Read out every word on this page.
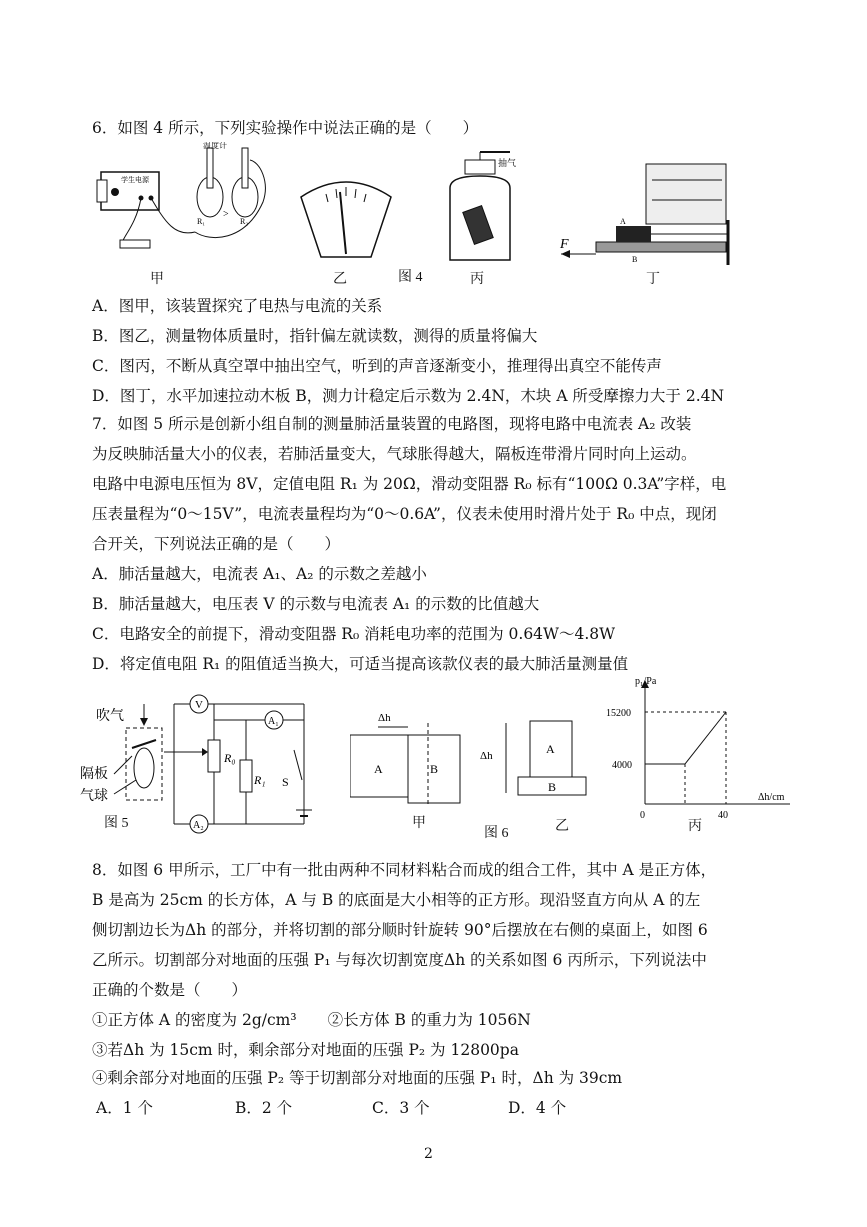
6．如图 4 所示，下列实验操作中说法正确的是（　　）
学生电源
温度计
R₁
>
R₂
甲	乙	图 4
抽气
丙
F
B
A
丁
A．图甲，该装置探究了电热与电流的关系
B．图乙，测量物体质量时，指针偏左就读数，测得的质量将偏大
C．图丙，不断从真空罩中抽出空气，听到的声音逐渐变小，推理得出真空不能传声
D．图丁，水平加速拉动木板 B，测力计稳定后示数为 2.4N，木块 A 所受摩擦力大于 2.4N
7．如图 5 所示是创新小组自制的测量肺活量装置的电路图，现将电路中电流表 A₂ 改装
为反映肺活量大小的仪表，若肺活量变大，气球胀得越大，隔板连带滑片同时向上运动。
电路中电源电压恒为 8V，定值电阻 R₁ 为 20Ω，滑动变阻器 R₀ 标有“100Ω 0.3A”字样，电
压表量程为“0～15V”，电流表量程均为“0～0.6A”，仪表未使用时滑片处于 R₀ 中点，现闭
合开关，下列说法正确的是（　　）
A．肺活量越大，电流表 A₁、A₂ 的示数之差越小
B．肺活量越大，电压表 V 的示数与电流表 A₁ 的示数的比值越大
C．电路安全的前提下，滑动变阻器 R₀ 消耗电功率的范围为 0.64W～4.8W
D．将定值电阻 R₁ 的阻值适当换大，可适当提高该款仪表的最大肺活量测量值
吹气
隔板
气球
V
R₀
A₁
R₁ S
A₂
图 5
Δh
A	B
甲
Δh	A
B
图 6	乙
p₁/Pa
Δh/cm
15200
4000
0	40
丙
8．如图 6 甲所示，工厂中有一批由两种不同材料粘合而成的组合工件，其中 A 是正方体，
B 是高为 25cm 的长方体，A 与 B 的底面是大小相等的正方形。现沿竖直方向从 A 的左
侧切割边长为Δh 的部分，并将切割的部分顺时针旋转 90°后摆放在右侧的桌面上，如图 6
乙所示。切割部分对地面的压强 P₁ 与每次切割宽度Δh 的关系如图 6 丙所示，下列说法中
正确的个数是（　　）
①正方体 A 的密度为 2g/cm³　　②长方体 B 的重力为 1056N
③若Δh 为 15cm 时，剩余部分对地面的压强 P₂ 为 12800pa
④剩余部分对地面的压强 P₂ 等于切割部分对地面的压强 P₁ 时，Δh 为 39cm
A．1 个	B．2 个	C．3 个	D．4 个
2
